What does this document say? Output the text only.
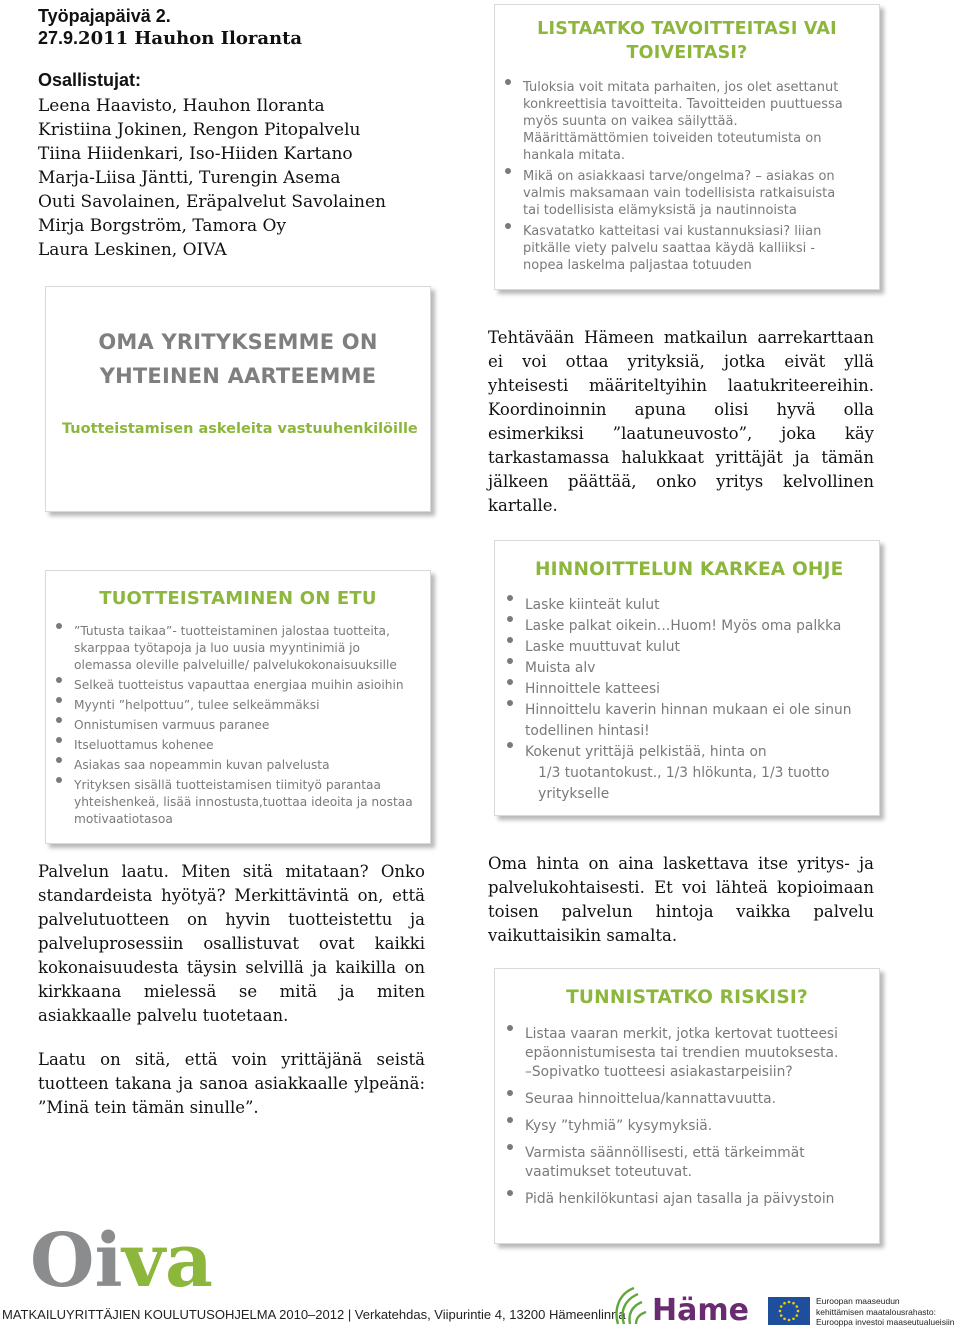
Työpajapäivä 2.
27.9.2011 Hauhon Iloranta
Osallistujat:
Leena Haavisto, Hauhon Iloranta
Kristiina Jokinen, Rengon Pitopalvelu
Tiina Hiidenkari, Iso-Hiiden Kartano
Marja-Liisa Jäntti, Turengin Asema
Outi Savolainen, Eräpalvelut Savolainen
Mirja Borgström, Tamora Oy
Laura Leskinen, OIVA
LISTAATKO TAVOITTEITASI VAI
TOIVEITASI?
Tuloksia voit mitata parhaiten, jos olet asettanut
konkreettisia tavoitteita. Tavoitteiden puuttuessa
myös suunta on vaikea säilyttää.
Määrittämättömien toiveiden toteutumista on
hankala mitata.
Mikä on asiakkaasi tarve/ongelma? – asiakas on
valmis maksamaan vain todellisista ratkaisuista
tai todellisista elämyksistä ja nautinnoista
Kasvatatko katteitasi vai kustannuksiasi? liian
pitkälle viety palvelu saattaa käydä kalliiksi -
nopea laskelma paljastaa totuuden
OMA YRITYKSEMME ON
YHTEINEN AARTEEMME
Tuotteistamisen askeleita vastuuhenkilöille
Tehtävään Hämeen matkailun aarrekarttaan ei voi ottaa yrityksiä, jotka eivät yllä yhteisesti määriteltyihin laatukriteereihin. Koordinoinnin apuna olisi hyvä olla esimerkiksi ”laatuneuvosto”, joka käy tarkastamassa halukkaat yrittäjät ja tämän jälkeen päättää, onko yritys kelvollinen kartalle.
TUOTTEISTAMINEN ON ETU
”Tutusta taikaa”- tuotteistaminen jalostaa tuotteita,
skarppaa työtapoja ja luo uusia myyntinimiä jo
olemassa oleville palveluille/ palvelukokonaisuuksille
Selkeä tuotteistus vapauttaa energiaa muihin asioihin
Myynti ”helpottuu”, tulee selkeämmäksi
Onnistumisen varmuus paranee
Itseluottamus kohenee
Asiakas saa nopeammin kuvan palvelusta
Yrityksen sisällä tuotteistamisen tiimityö parantaa
yhteishenkeä, lisää innostusta,tuottaa ideoita ja nostaa
motivaatiotasoa
HINNOITTELUN KARKEA OHJE
Laske kiinteät kulut
Laske palkat oikein…Huom! Myös oma palkka
Laske muuttuvat kulut
Muista alv
Hinnoittele katteesi
Hinnoittelu kaverin hinnan mukaan ei ole sinun
todellinen hintasi!
Kokenut yrittäjä pelkistää, hinta on
1/3 tuotantokust., 1/3 hlökunta, 1/3 tuotto
yritykselle
Palvelun laatu. Miten sitä mitataan? Onko standardeista hyötyä? Merkittävintä on, että palvelutuotteen on hyvin tuotteistettu ja palveluprosessiin osallistuvat ovat kaikki kokonaisuudesta täysin selvillä ja kaikilla on kirkkaana mielessä se mitä ja miten asiakkaalle palvelu tuotetaan.
Laatu on sitä, että voin yrittäjänä seistä tuotteen takana ja sanoa asiakkaalle ylpeänä: ”Minä tein tämän sinulle”.
Oma hinta on aina laskettava itse yritys- ja palvelukohtaisesti. Et voi lähteä kopioimaan toisen palvelun hintoja vaikka palvelu vaikuttaisikin samalta.
TUNNISTATKO RISKISI?
Listaa vaaran merkit, jotka kertovat tuotteesi
epäonnistumisesta tai trendien muutoksesta.
–Sopivatko tuotteesi asiakastarpeisiin?
Seuraa hinnoittelua/kannattavuutta.
Kysy ”tyhmiä” kysymyksiä.
Varmista säännöllisesti, että tärkeimmät
vaatimukset toteutuvat.
Pidä henkilökuntasi ajan tasalla ja päivystoin
Oi va
MATKAILUYRITTÄJIEN KOULUTUSOHJELMA 2010–2012 | Verkatehdas, Viipurintie 4, 13200 Hämeenlinna Häme	Euroopan maaseudun
kehittämisen maatalousrahasto:
Eurooppa investoi maaseutualueisiin
